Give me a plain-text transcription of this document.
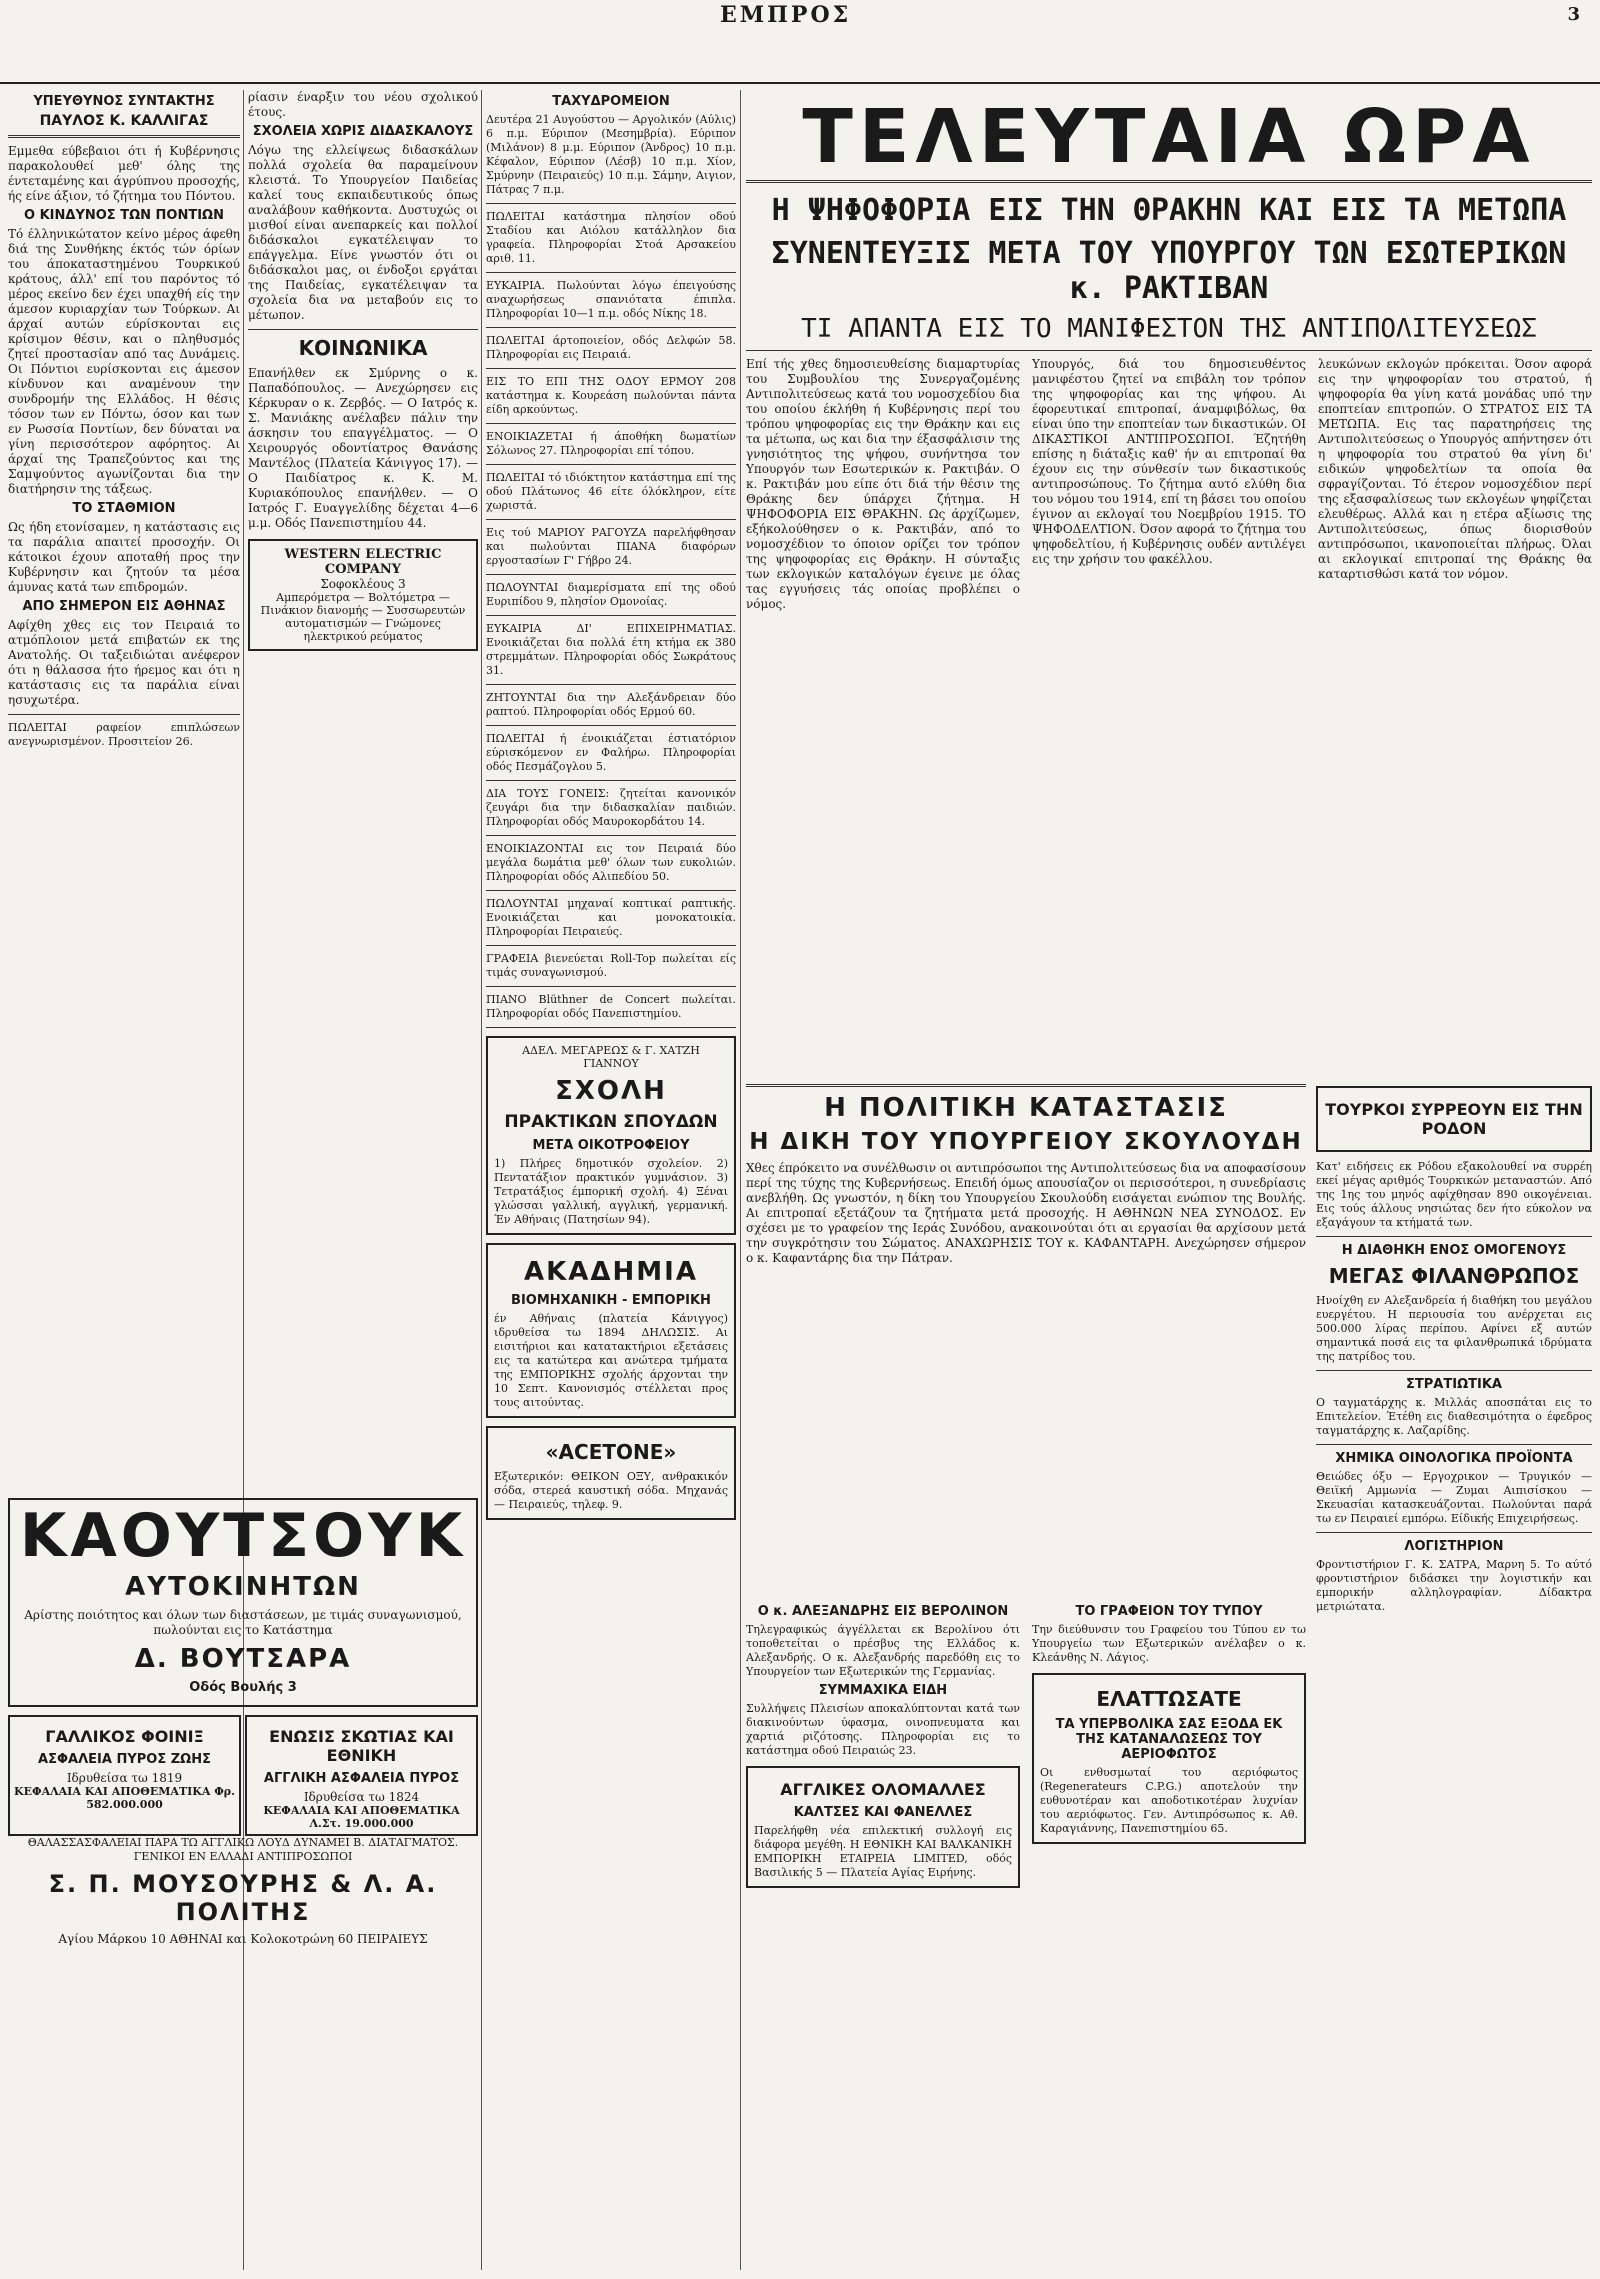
ΕΜΠΡΟΣ	3
ΥΠΕΥΘΥΝΟΣ ΣΥΝΤΑΚΤΗΣ
ΠΑΥΛΟΣ Κ. ΚΑΛΛΙΓΑΣ

Εμμεθα εύβεβαιοι ότι ή Κυβέρνησις παρακολουθεί μεθ' όλης της έντεταμένης και άγρύπνου προσοχής, ής είνε άξιον, τό ζήτημα του Πόντου.

Ο ΚΙΝΔΥΝΟΣ ΤΩΝ ΠΟΝΤΙΩΝ

Τό έλληνικώτατον κείνο μέρος άφεθη διά της Συνθήκης έκτός τών όρίων του άποκαταστημένου Τουρκικού κράτους, άλλ' επί του παρόντος τό μέρος εκείνο δεν έχει υπαχθή είς την άμεσον κυριαρχίαν των Τούρκων. Αι άρχαί αυτών εύρίσκονται εις κρίσιμον θέσιν, και ο πληθυσμός ζητεί προστασίαν από τας Δυνάμεις. Οι Πόντιοι ευρίσκονται εις άμεσον κίνδυνον και αναμένουν την συνδρομήν της Ελλάδος. Η θέσις τόσον των εν Πόντω, όσον και των εν Ρωσσία Ποντίων, δεν δύναται να γίνη περισσότερον αφόρητος. Αι άρχαί της Τραπεζούντος και της Σαμψούντος αγωνίζονται δια την διατήρησιν της τάξεως.

ΤΟ ΣΤΑΘΜΙΟΝ

Ως ήδη ετονίσαμεν, η κατάστασις εις τα παράλια απαιτεί προσοχήν. Οι κάτοικοι έχουν αποταθή προς την Κυβέρνησιν και ζητούν τα μέσα άμυνας κατά των επιδρομών.

ΑΠΟ ΣΗΜΕΡΟΝ ΕΙΣ ΑΘΗΝΑΣ

Αφίχθη χθες εις τον Πειραιά το ατμόπλοιον μετά επιβατών εκ της Ανατολής. Οι ταξειδιώται ανέφερον ότι η θάλασσα ήτο ήρεμος και ότι η κατάστασις εις τα παράλια είναι ησυχωτέρα.

ΠΩΛΕΙΤΑΙ ραφείον επιπλώσεων ανεγνωρισμένον. Προσιτείον 26.

ρίασιν έναρξιν του νέου σχολικού έτους.

ΣΧΟΛΕΙΑ ΧΩΡΙΣ ΔΙΔΑΣΚΑΛΟΥΣ

Λόγω της ελλείψεως διδασκάλων πολλά σχολεία θα παραμείνουν κλειστά. Το Υπουργείον Παιδείας καλεί τους εκπαιδευτικούς όπως αναλάβουν καθήκοντα. Δυστυχώς οι μισθοί είναι ανεπαρκείς και πολλοί διδάσκαλοι εγκατέλειψαν το επάγγελμα. Είνε γνωστόν ότι οι διδάσκαλοι μας, οι ένδοξοι εργάται της Παιδείας, εγκατέλειψαν τα σχολεία δια να μεταβούν εις το μέτωπον.

ΚΟΙΝΩΝΙΚΑ

Επανήλθεν εκ Σμύρνης ο κ. Παπαδόπουλος. — Ανεχώρησεν εις Κέρκυραν ο κ. Ζερβός. — Ο Ιατρός κ. Σ. Μανιάκης ανέλαβεν πάλιν την άσκησιν του επαγγέλματος. — Ο Χειρουργός οδοντίατρος Θανάσης Μαντέλος (Πλατεία Κάνιγγος 17). — Ο Παιδίατρος κ. Κ. Μ. Κυριακόπουλος επανήλθεν. — Ο Ιατρός Γ. Ευαγγελίδης δέχεται 4—6 μ.μ. Οδός Πανεπιστημίου 44.

WESTERN ELECTRIC COMPANY
Σοφοκλέους 3
Αμπερόμετρα — Βολτόμετρα — Πινάκιον διανομής — Συσσωρευτών αυτοματισμών — Γνώμονες ηλεκτρικού ρεύματος
ΤΑΧΥΔΡΟΜΕΙΟΝ

Δευτέρα 21 Αυγούστου — Αργολικόν (Αύλις) 6 π.μ. Εύριπον (Μεσημβρία). Εύριπον (Μιλάνον) 8 μ.μ. Εύριπον (Άνδρος) 10 π.μ. Κέφαλον, Εύριπον (Λέσβ) 10 π.μ. Χίον, Σμύρνην (Πειραιεύς) 10 π.μ. Σάμην, Αιγιον, Πάτρας 7 π.μ.

ΠΩΛΕΙΤΑΙ κατάστημα πλησίον οδού Σταδίου και Αιόλου κατάλληλον δια γραφεία. Πληροφορίαι Στοά Αρσακείου αριθ. 11.

ΕΥΚΑΙΡΙΑ. Πωλούνται λόγω έπειγούσης αναχωρήσεως σπανιότατα έπιπλα. Πληροφορίαι 10—1 π.μ. οδός Νίκης 18.

ΠΩΛΕΙΤΑΙ άρτοποιείον, οδός Δελφών 58. Πληροφορίαι εις Πειραιά.

ΕΙΣ ΤΟ ΕΠΙ ΤΗΣ ΟΔΟΥ ΕΡΜΟΥ 208 κατάστημα κ. Κουρεάση πωλούνται πάντα είδη αρκούντως.

ΕΝΟΙΚΙΑΖΕΤΑΙ ή άποθήκη δωματίων Σόλωνος 27. Πληροφορίαι επί τόπου.

ΠΩΛΕΙΤΑΙ τό ιδιόκτητον κατάστημα επί της οδού Πλάτωνος 46 είτε όλόκληρον, είτε χωριστά.

Εις τού ΜΑΡΙΟΥ ΡΑΓΟΥΖΑ παρελήφθησαν και πωλούνται ΠΙΑΝΑ διαφόρων εργοστασίων Γ' Γήβρο 24.

ΠΩΛΟΥΝΤΑΙ διαμερίσματα επί της οδού Ευριπίδου 9, πλησίον Ομονοίας.

ΕΥΚΑΙΡΙΑ ΔΙ' ΕΠΙΧΕΙΡΗΜΑΤΙΑΣ. Ενοικιάζεται δια πολλά έτη κτήμα εκ 380 στρεμμάτων. Πληροφορίαι οδός Σωκράτους 31.

ΖΗΤΟΥΝΤΑΙ δια την Αλεξάνδρειαν δύο ραπτού. Πληροφορίαι οδός Ερμού 60.

ΠΩΛΕΙΤΑΙ ή ένοικιάζεται έστιατόριον εύρισκόμενον εν Φαλήρω. Πληροφορίαι οδός Πεσμάζογλου 5.

ΔΙΑ ΤΟΥΣ ΓΟΝΕΙΣ: ζητείται κανονικόν ζευγάρι δια την διδασκαλίαν παιδιών. Πληροφορίαι οδός Μαυροκορδάτου 14.

ΕΝΟΙΚΙΑΖΟΝΤΑΙ εις τον Πειραιά δύο μεγάλα δωμάτια μεθ' όλων των ευκολιών. Πληροφορίαι οδός Αλιπεδίου 50.

ΠΩΛΟΥΝΤΑΙ μηχαναί κοπτικαί ραπτικής. Ενοικιάζεται και μονοκατοικία. Πληροφορίαι Πειραιεύς.

ΓΡΑΦΕΙΑ βιενεύεται Roll-Top πωλείται είς τιμάς συναγωνισμού.

ΠΙΑΝΟ Blüthner de Concert πωλείται. Πληροφορίαι οδός Πανεπιστημίου.

ΑΔΕΛ. ΜΕΓΑΡΕΩΣ & Γ. ΧΑΤΖΗ ΓΙΑΝΝΟΥ
ΣΧΟΛΗ
ΠΡΑΚΤΙΚΩΝ ΣΠΟΥΔΩΝ
ΜΕΤΑ ΟΙΚΟΤΡΟΦΕΙΟΥ

1) Πλήρες δημοτικόν σχολείον. 2) Πεντατάξιον πρακτικόν γυμνάσιον. 3) Τετρατάξιος έμπορική σχολή. 4) Ξέναι γλώσσαι γαλλική, αγγλική, γερμανική. Έν Αθήναις (Πατησίων 94).

ΑΚΑΔΗΜΙΑ
ΒΙΟΜΗΧΑΝΙΚΗ - ΕΜΠΟΡΙΚΗ

έν Αθήναις (πλατεία Κάνιγγος) ιδρυθείσα τω 1894 ΔΗΛΩΣΙΣ. Αι εισιτήριοι και κατατακτήριοι εξετάσεις εις τα κατώτερα και ανώτερα τμήματα της ΕΜΠΟΡΙΚΗΣ σχολής άρχονται την 10 Σεπτ. Κανονισμός στέλλεται προς τους αιτούντας.

«ACETONE»

Εξωτερικόν: ΘΕΙΚΟΝ ΟΞΥ, ανθρακικόν σόδα, στερεά καυστική σόδα. Μηχανάς — Πειραιεύς, τηλεφ. 9.

ΤΕΛΕΥΤΑΙΑ ΩΡΑ
Η ΨΗΦΟΦΟΡΙΑ ΕΙΣ ΤΗΝ ΘΡΑΚΗΝ ΚΑΙ ΕΙΣ ΤΑ ΜΕΤΩΠΑ
ΣΥΝΕΝΤΕΥΞΙΣ ΜΕΤΑ ΤΟΥ ΥΠΟΥΡΓΟΥ ΤΩΝ ΕΣΩΤΕΡΙΚΩΝ κ. ΡΑΚΤΙΒΑΝ
ΤΙ ΑΠΑΝΤΑ ΕΙΣ ΤΟ ΜΑΝΙΦΕΣΤΟΝ ΤΗΣ ΑΝΤΙΠΟΛΙΤΕΥΣΕΩΣ

Επί τής χθες δημοσιευθείσης διαμαρτυρίας του Συμβουλίου της Συνεργαζομένης Αντιπολιτεύσεως κατά του νομοσχεδίου δια του οποίου έκλήθη ή Κυβέρνησις περί του τρόπου ψηφοφορίας εις την Θράκην και εις τα μέτωπα, ως και δια την έξασφάλισιν της γνησιότητος της ψήφου, συνήντησα τον Υπουργόν των Εσωτερικών κ. Ρακτιβάν. Ο κ. Ρακτιβάν μου είπε ότι διά τήν θέσιν της Θράκης δεν ύπάρχει ζήτημα. Η ΨΗΦΟΦΟΡΙΑ ΕΙΣ ΘΡΑΚΗΝ. Ως άρχίζωμεν, εξήκολούθησεν ο κ. Ρακτιβάν, από το νομοσχέδιον το όποιον ορίζει τον τρόπον της ψηφοφορίας εις Θράκην. Η σύνταξις των εκλογικών καταλόγων έγεινε με όλας τας εγγυήσεις τάς οποίας προβλέπει ο νόμος.

Υπουργός, διά του δημοσιευθέντος μανιφέστου ζητεί να επιβάλη τον τρόπον της ψηφοφορίας και της ψήφου. Αι έφορευτικαί επιτροπαί, άναμφιβόλως, θα είναι ύπο την εποπτείαν των δικαστικών. ΟΙ ΔΙΚΑΣΤΙΚΟΙ ΑΝΤΙΠΡΟΣΩΠΟΙ. Έζητήθη επίσης η διάταξις καθ' ήν αι επιτροπαί θα έχουν εις την σύνθεσίν των δικαστικούς αντιπροσώπους. Το ζήτημα αυτό ελύθη δια του νόμου του 1914, επί τη βάσει του οποίου έγινον αι εκλογαί του Νοεμβρίου 1915. ΤΟ ΨΗΦΟΔΕΛΤΙΟΝ. Όσον αφορά το ζήτημα του ψηφοδελτίου, ή Κυβέρνησις ουδέν αντιλέγει εις την χρήσιν του φακέλλου.

λευκώνων εκλογών πρόκειται. Όσον αφορά εις την ψηφοφορίαν του στρατού, ή ψηφοφορία θα γίνη κατά μονάδας υπό την εποπτείαν επιτροπών. Ο ΣΤΡΑΤΟΣ ΕΙΣ ΤΑ ΜΕΤΩΠΑ. Εις τας παρατηρήσεις της Αντιπολιτεύσεως ο Υπουργός απήντησεν ότι η ψηφοφορία του στρατού θα γίνη δι' ειδικών ψηφοδελτίων τα οποία θα σφραγίζονται. Τό έτερον νομοσχέδιον περί της εξασφαλίσεως των εκλογέων ψηφίζεται ελευθέρως. Αλλά και η ετέρα αξίωσις της Αντιπολιτεύσεως, όπως διορισθούν αντιπρόσωποι, ικανοποιείται πλήρως. Όλαι αι εκλογικαί επιτροπαί της Θράκης θα καταρτισθώσι κατά τον νόμον.

Η ΠΟΛΙΤΙΚΗ ΚΑΤΑΣΤΑΣΙΣ
Η ΔΙΚΗ ΤΟΥ ΥΠΟΥΡΓΕΙΟΥ ΣΚΟΥΛΟΥΔΗ

Χθες έπρόκειτο να συνέλθωσιν οι αντιπρόσωποι της Αντιπολιτεύσεως δια να αποφασίσουν περί της τύχης της Κυβερνήσεως. Επειδή όμως απουσίαζον οι περισσότεροι, η συνεδρίασις ανεβλήθη. Ως γνωστόν, η δίκη του Υπουργείου Σκουλούδη εισάγεται ενώπιον της Βουλής. Αι επιτροπαί εξετάζουν τα ζητήματα μετά προσοχής. Η ΑΘΗΝΩΝ ΝΕΑ ΣΥΝΟΔΟΣ. Εν σχέσει με το γραφείον της Ιεράς Συνόδου, ανακοινούται ότι αι εργασίαι θα αρχίσουν μετά την συγκρότησιν του Σώματος. ΑΝΑΧΩΡΗΣΙΣ ΤΟΥ κ. ΚΑΦΑΝΤΑΡΗ. Ανεχώρησεν σήμερον ο κ. Καφαντάρης δια την Πάτραν.

ΤΟΥΡΚΟΙ ΣΥΡΡΕΟΥΝ ΕΙΣ ΤΗΝ ΡΟΔΟΝ

Κατ' ειδήσεις εκ Ρόδου εξακολουθεί να συρρέη εκεί μέγας αριθμός Τουρκικών μεταναστών. Από της 1ης του μηνός αφίχθησαν 890 οικογένειαι. Εις τούς άλλους νησιώτας δεν ήτο εύκολον να εξαγάγουν τα κτήματά των.

Η ΔΙΑΘΗΚΗ ΕΝΟΣ ΟΜΟΓΕΝΟΥΣ
ΜΕΓΑΣ ΦΙΛΑΝΘΡΩΠΟΣ

Ηνοίχθη εν Αλεξανδρεία ή διαθήκη του μεγάλου ευεργέτου. Η περιουσία του ανέρχεται εις 500.000 λίρας περίπου. Αφίνει εξ αυτών σημαντικά ποσά εις τα φιλανθρωπικά ιδρύματα της πατρίδος του.

ΣΤΡΑΤΙΩΤΙΚΑ

Ο ταγματάρχης κ. Μιλλάς αποσπάται εις το Επιτελείον. Έτέθη εις διαθεσιμότητα ο έφεδρος ταγματάρχης κ. Λαζαρίδης.

ΧΗΜΙΚΑ ΟΙΝΟΛΟΓΙΚΑ ΠΡΟΪΟΝΤΑ

Θειώδες όξυ — Εργοχρικον — Τρυγικόν — Θειϊκή Αμμωνία — Ζυμαι Αιπισίσκου — Σκευασίαι κατασκευάζονται. Πωλούνται παρά τω εν Πειραιεί εμπόρω. Είδικής Επιχειρήσεως.

ΛΟΓΙΣΤΗΡΙΟΝ

Φροντιστήριον Γ. Κ. ΣΑΤΡΑ, Μαρνη 5. Το αύτό φροντιστήριον διδάσκει την λογιστικήν και εμπορικήν αλληλογραφίαν. Δίδακτρα μετριώτατα.

Ο κ. ΑΛΕΞΑΝΔΡΗΣ ΕΙΣ ΒΕΡΟΛΙΝΟΝ

Τηλεγραφικώς άγγέλλεται εκ Βερολίνου ότι τοποθετείται ο πρέσβυς της Ελλάδος κ. Αλεξανδρής. Ο κ. Αλεξανδρής παρεδόθη εις το Υπουργείον των Εξωτερικών της Γερμανίας.

ΣΥΜΜΑΧΙΚΑ ΕΙΔΗ

Συλλήψεις Πλεισίων αποκαλύπτονται κατά των διακινούντων ύφασμα, οινοπνευματα και χαρτιά ριζότοσης. Πληροφορίαι εις το κατάστημα οδού Πειραιώς 23.

ΑΓΓΛΙΚΕΣ ΟΛΟΜΑΛΛΕΣ
ΚΑΛΤΣΕΣ ΚΑΙ ΦΑΝΕΛΛΕΣ

Παρελήφθη νέα επιλεκτική συλλογή εις διάφορα μεγέθη. Η ΕΘΝΙΚΗ ΚΑΙ ΒΑΛΚΑΝΙΚΗ ΕΜΠΟΡΙΚΗ ΕΤΑΙΡΕΙΑ LIMITED, οδός Βασιλικής 5 — Πλατεία Αγίας Ειρήνης.

ΤΟ ΓΡΑΦΕΙΟΝ ΤΟΥ ΤΥΠΟΥ

Την διεύθυνσιν του Γραφείου του Τύπου εν τω Υπουργείω των Εξωτερικών ανέλαβεν ο κ. Κλεάνθης Ν. Λάγιος.

ΕΛΑΤΤΩΣΑΤΕ
ΤΑ ΥΠΕΡΒΟΛΙΚΑ ΣΑΣ ΕΞΟΔΑ ΕΚ ΤΗΣ ΚΑΤΑΝΑΛΩΣΕΩΣ ΤΟΥ ΑΕΡΙΟΦΩΤΟΣ

Οι ενθυσμωταί του αεριόφωτος (Regenerateurs C.P.G.) αποτελούν την ευθυνοτέραν και αποδοτικοτέραν λυχνίαν του αεριόφωτος. Γεν. Αντιπρόσωπος κ. Αθ. Καραγιάννης, Πανεπιστημίου 65.

ΚΑΟΥΤΣΟΥΚ
ΑΥΤΟΚΙΝΗΤΩΝ

Αρίστης ποιότητος και όλων των διαστάσεων, με τιμάς συναγωνισμού, πωλούνται εις το Κατάστημα

Δ. ΒΟΥΤΣΑΡΑ
Οδός Βουλής 3
ΓΑΛΛΙΚΟΣ ΦΟΙΝΙΞ
ΑΣΦΑΛΕΙΑ ΠΥΡΟΣ ΖΩΗΣ
Ιδρυθείσα τω 1819
ΚΕΦΑΛΑΙΑ ΚΑΙ ΑΠΟΘΕΜΑΤΙΚΑ Φρ. 582.000.000
ΕΝΩΣΙΣ ΣΚΩΤΙΑΣ ΚΑΙ ΕΘΝΙΚΗ
ΑΓΓΛΙΚΗ ΑΣΦΑΛΕΙΑ ΠΥΡΟΣ
Ιδρυθείσα τω 1824
ΚΕΦΑΛΑΙΑ ΚΑΙ ΑΠΟΘΕΜΑΤΙΚΑ Λ.Στ. 19.000.000

ΘΑΛΑΣΣΑΣΦΑΛΕΙΑΙ ΠΑΡΑ ΤΩ ΑΓΓΛΙΚΩ ΛΟΥΔ ΔΥΝΑΜΕΙ Β. ΔΙΑΤΑΓΜΑΤΟΣ. ΓΕΝΙΚΟΙ ΕΝ ΕΛΛΑΔΙ ΑΝΤΙΠΡΟΣΩΠΟΙ

Σ. Π. ΜΟΥΣΟΥΡΗΣ & Λ. Α. ΠΟΛΙΤΗΣ
Αγίου Μάρκου 10 ΑΘΗΝΑΙ και Κολοκοτρώνη 60 ΠΕΙΡΑΙΕΥΣ
